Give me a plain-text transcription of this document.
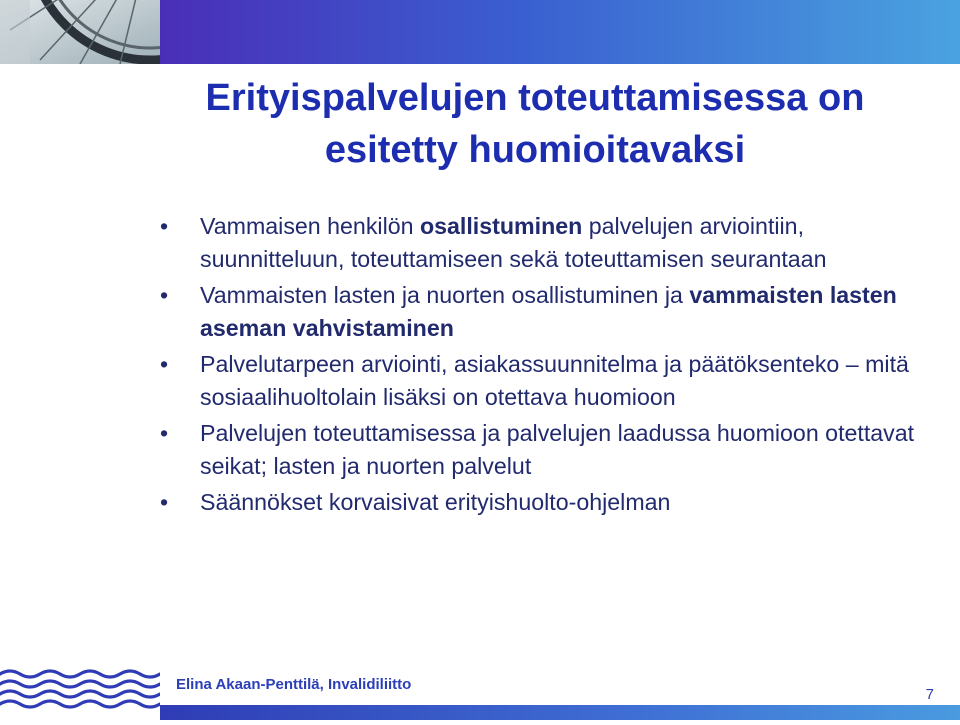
Erityispalvelujen toteuttamisessa on
esitetty huomioitavaksi
• Vammaisen henkilön osallistuminen palvelujen arviointiin, suunnitteluun, toteuttamiseen sekä toteuttamisen seurantaan
• Vammaisten lasten ja nuorten osallistuminen ja vammaisten lasten aseman vahvistaminen
• Palvelutarpeen arviointi, asiakassuunnitelma ja päätöksenteko – mitä sosiaalihuoltolain lisäksi on otettava huomioon
• Palvelujen toteuttamisessa ja palvelujen laadussa huomioon otettavat seikat; lasten ja nuorten palvelut
• Säännökset korvaisivat erityishuolto-ohjelman
Elina Akaan-Penttilä, Invalidiliitto
7
